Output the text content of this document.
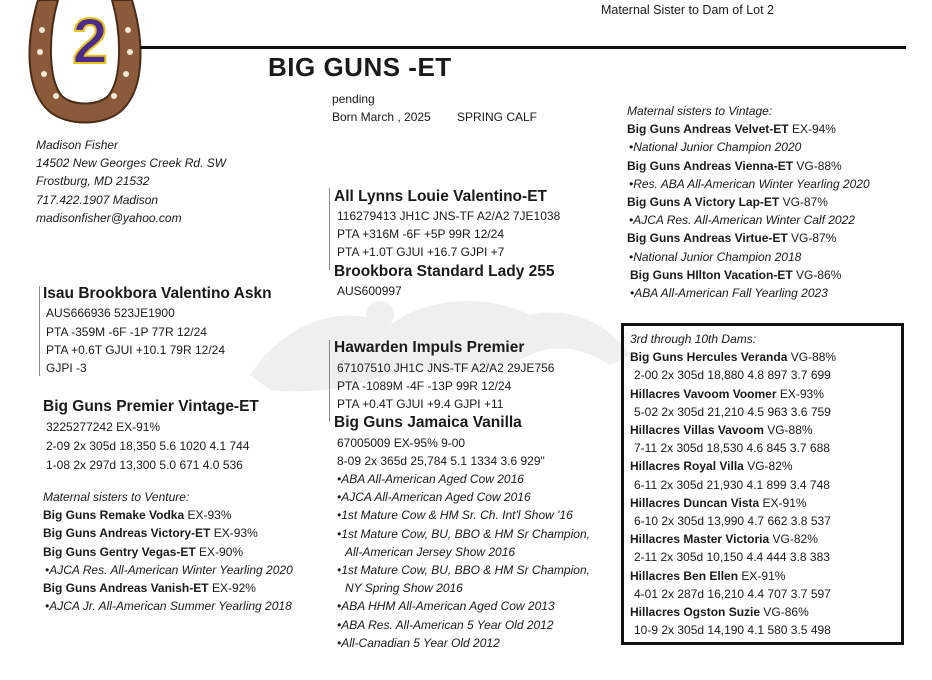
2	Maternal Sister to Dam of Lot 2
BIG GUNS -ET
pending
Born March , 2025 SPRING CALF
Madison Fisher
14502 New Georges Creek Rd. SW
Frostburg, MD 21532
717.422.1907 Madison
madisonfisher@yahoo.com
All Lynns Louie Valentino-ET
116279413 JH1C JNS-TF A2/A2 7JE1038
PTA +316M -6F +5P 99R 12/24
PTA +1.0T GJUI +16.7 GJPI +7
Brookbora Standard Lady 255
AUS600997
Isau Brookbora Valentino Askn
AUS666936 523JE1900
PTA -359M -6F -1P 77R 12/24
PTA +0.6T GJUI +10.1 79R 12/24
GJPI -3
Big Guns Premier Vintage-ET
3225277242 EX-91%
2-09 2x 305d 18,350 5.6 1020 4.1 744
1-08 2x 297d 13,300 5.0 671 4.0 536
Maternal sisters to Venture:
Big Guns Remake Vodka EX-93%
Big Guns Andreas Victory-ET EX-93%
Big Guns Gentry Vegas-ET EX-90%
•AJCA Res. All-American Winter Yearling 2020
Big Guns Andreas Vanish-ET EX-92%
•AJCA Jr. All-American Summer Yearling 2018
Hawarden Impuls Premier
67107510 JH1C JNS-TF A2/A2 29JE756
PTA -1089M -4F -13P 99R 12/24
PTA +0.4T GJUI +9.4 GJPI +11
Big Guns Jamaica Vanilla
67005009 EX-95% 9-00
8-09 2x 365d 25,784 5.1 1334 3.6 929"
•ABA All-American Aged Cow 2016
•AJCA All-American Aged Cow 2016
•1st Mature Cow & HM Sr. Ch. Int'l Show '16
•1st Mature Cow, BU, BBO & HM Sr Champion,
All-American Jersey Show 2016
•1st Mature Cow, BU, BBO & HM Sr Champion,
NY Spring Show 2016
•ABA HHM All-American Aged Cow 2013
•ABA Res. All-American 5 Year Old 2012
•All-Canadian 5 Year Old 2012
Maternal sisters to Vintage:
Big Guns Andreas Velvet-ET EX-94%
•National Junior Champion 2020
Big Guns Andreas Vienna-ET VG-88%
•Res. ABA All-American Winter Yearling 2020
Big Guns A Victory Lap-ET VG-87%
•AJCA Res. All-American Winter Calf 2022
Big Guns Andreas Virtue-ET VG-87%
•National Junior Champion 2018
Big Guns HIlton Vacation-ET VG-86%
•ABA All-American Fall Yearling 2023
3rd through 10th Dams:
Big Guns Hercules Veranda VG-88%
2-00 2x 305d 18,880 4.8 897 3.7 699
Hillacres Vavoom Voomer EX-93%
5-02 2x 305d 21,210 4.5 963 3.6 759
Hillacres Villas Vavoom VG-88%
7-11 2x 305d 18,530 4.6 845 3.7 688
Hillacres Royal Villa VG-82%
6-11 2x 305d 21,930 4.1 899 3.4 748
Hillacres Duncan Vista EX-91%
6-10 2x 305d 13,990 4.7 662 3.8 537
Hillacres Master Victoria VG-82%
2-11 2x 305d 10,150 4.4 444 3.8 383
Hillacres Ben Ellen EX-91%
4-01 2x 287d 16,210 4.4 707 3.7 597
Hillacres Ogston Suzie VG-86%
10-9 2x 305d 14,190 4.1 580 3.5 498
